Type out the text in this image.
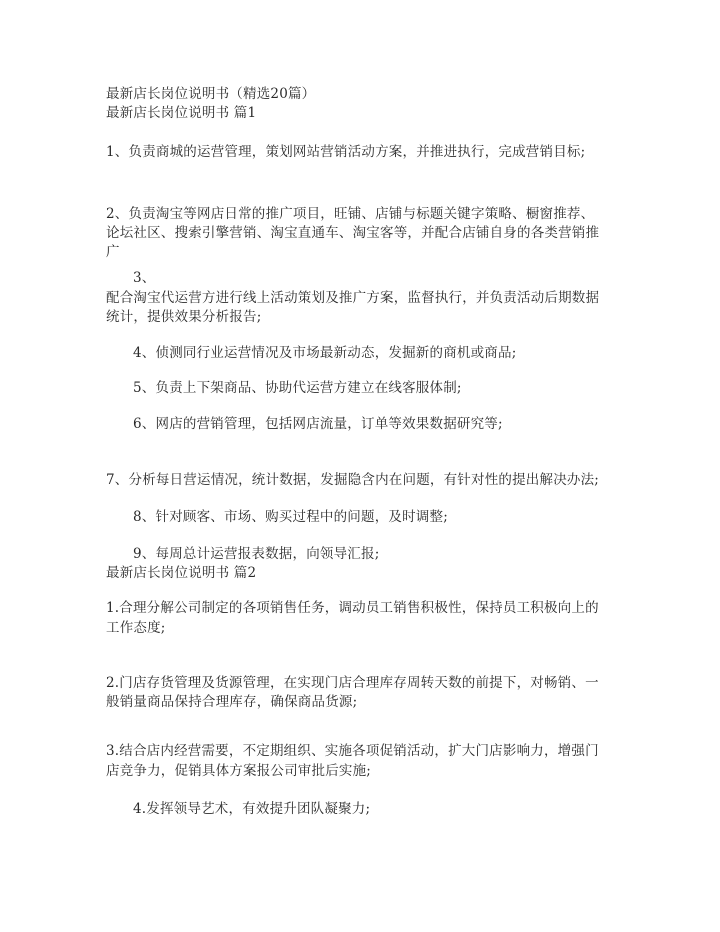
最新店长岗位说明书（精选20篇）
最新店长岗位说明书 篇1
1、负责商城的运营管理，策划网站营销活动方案，并推进执行，完成营销目标;
2、负责淘宝等网店日常的推广项目，旺铺、店铺与标题关键字策略、橱窗推荐、
论坛社区、搜索引擎营销、淘宝直通车、淘宝客等，并配合店铺自身的各类营销推
广
3、
配合淘宝代运营方进行线上活动策划及推广方案，监督执行，并负责活动后期数据
统计，提供效果分析报告;
4、侦测同行业运营情况及市场最新动态，发掘新的商机或商品;
5、负责上下架商品、协助代运营方建立在线客服体制;
6、网店的营销管理，包括网店流量，订单等效果数据研究等;
7、分析每日营运情况，统计数据，发掘隐含内在问题，有针对性的提出解决办法;
8、针对顾客、市场、购买过程中的问题，及时调整;
9、每周总计运营报表数据，向领导汇报;
最新店长岗位说明书 篇2
1.合理分解公司制定的各项销售任务，调动员工销售积极性，保持员工积极向上的
工作态度;
2.门店存货管理及货源管理，在实现门店合理库存周转天数的前提下，对畅销、一
般销量商品保持合理库存，确保商品货源;
3.结合店内经营需要，不定期组织、实施各项促销活动，扩大门店影响力，增强门
店竞争力，促销具体方案报公司审批后实施;
4.发挥领导艺术，有效提升团队凝聚力;
